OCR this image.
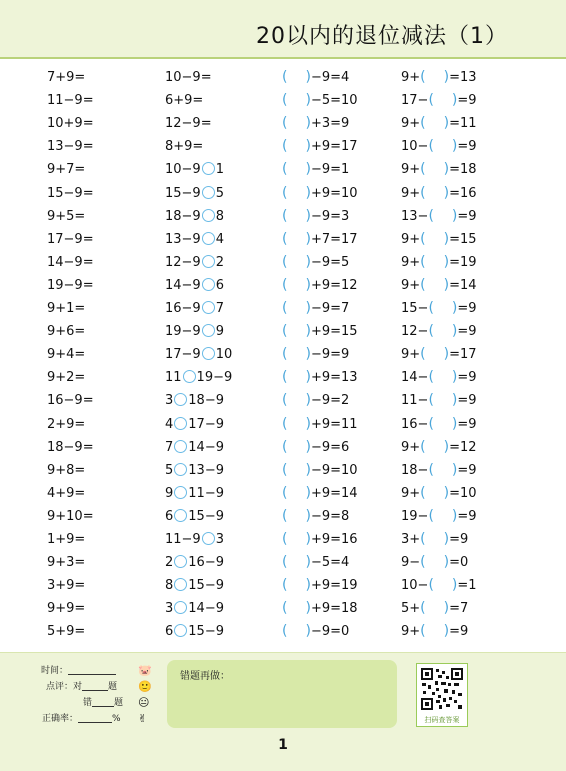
20以内的退位减法（1）
7+9=	10−9=	( )−9=4	9+( )=13
11−9=	6+9=	( )−5=10	17−( )=9
10+9=	12−9=	( )+3=9	9+( )=11
13−9=	8+9=	( )+9=17	10−( )=9
9+7=	10−9 1	( )−9=1	9+( )=18
15−9=	15−9 5	( )+9=10	9+( )=16
9+5=	18−9 8	( )−9=3	13−( )=9
17−9=	13−9 4	( )+7=17	9+( )=15
14−9=	12−9 2	( )−9=5	9+( )=19
19−9=	14−9 6	( )+9=12	9+( )=14
9+1=	16−9 7	( )−9=7	15−( )=9
9+6=	19−9 9	( )+9=15	12−( )=9
9+4=	17−9 10	( )−9=9	9+( )=17
9+2=	11 19−9	( )+9=13	14−( )=9
16−9=	3 18−9	( )−9=2	11−( )=9
2+9=	4 17−9	( )+9=11	16−( )=9
18−9=	7 14−9	( )−9=6	9+( )=12
9+8=	5 13−9	( )−9=10	18−( )=9
4+9=	9 11−9	( )+9=14	9+( )=10
9+10=	6 15−9	( )−9=8	19−( )=9
1+9=	11−9 3	( )+9=16	3+( )=9
9+3=	2 16−9	( )−5=4	9−( )=0
3+9=	8 15−9	( )+9=19	10−( )=1
9+9=	3 14−9	( )+9=18	5+( )=7
5+9=	6 15−9	( )−9=0	9+( )=9
时间：	🐷
点评：对	题 🙂
错 题 😐
正确率：	% ✌
错题再做：
扫码查答案
1
